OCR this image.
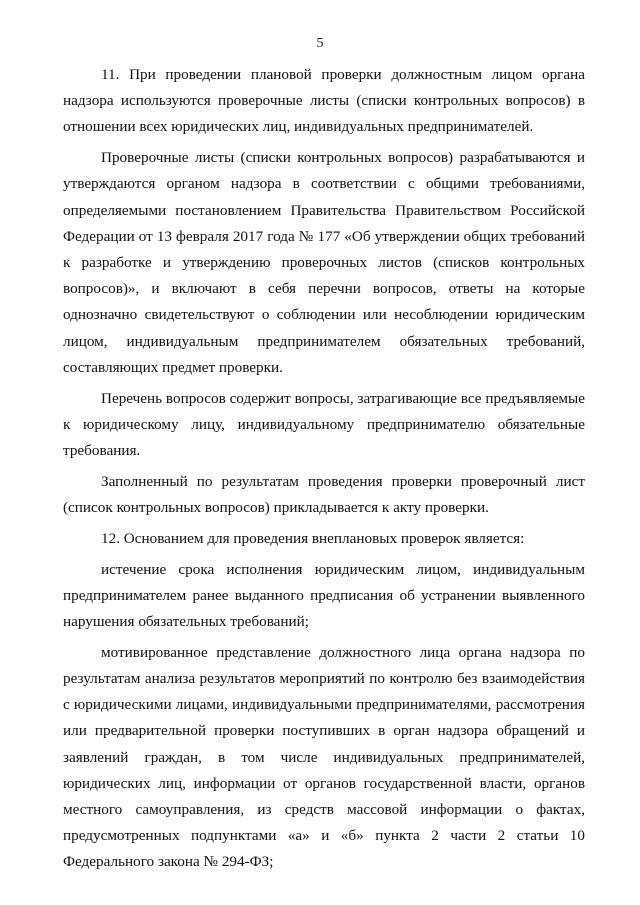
5

11. При проведении плановой проверки должностным лицом органа надзора используются проверочные листы (списки контрольных вопросов) в отношении всех юридических лиц, индивидуальных предпринимателей.

Проверочные листы (списки контрольных вопросов) разрабатываются и утверждаются органом надзора в соответствии с общими требованиями, определяемыми постановлением Правительства Правительством Российской Федерации от 13 февраля 2017 года № 177 «Об утверждении общих требований к разработке и утверждению проверочных листов (списков контрольных вопросов)», и включают в себя перечни вопросов, ответы на которые однозначно свидетельствуют о соблюдении или несоблюдении юридическим лицом, индивидуальным предпринимателем обязательных требований, составляющих предмет проверки.

Перечень вопросов содержит вопросы, затрагивающие все предъявляемые к юридическому лицу, индивидуальному предпринимателю обязательные требования.

Заполненный по результатам проведения проверки проверочный лист (список контрольных вопросов) прикладывается к акту проверки.

12. Основанием для проведения внеплановых проверок является:

истечение срока исполнения юридическим лицом, индивидуальным предпринимателем ранее выданного предписания об устранении выявленного нарушения обязательных требований;

мотивированное представление должностного лица органа надзора по результатам анализа результатов мероприятий по контролю без взаимодействия с юридическими лицами, индивидуальными предпринимателями, рассмотрения или предварительной проверки поступивших в орган надзора обращений и заявлений граждан, в том числе индивидуальных предпринимателей, юридических лиц, информации от органов государственной власти, органов местного самоуправления, из средств массовой информации о фактах, предусмотренных подпунктами «а» и «б» пункта 2 части 2 статьи 10 Федерального закона № 294-ФЗ;
